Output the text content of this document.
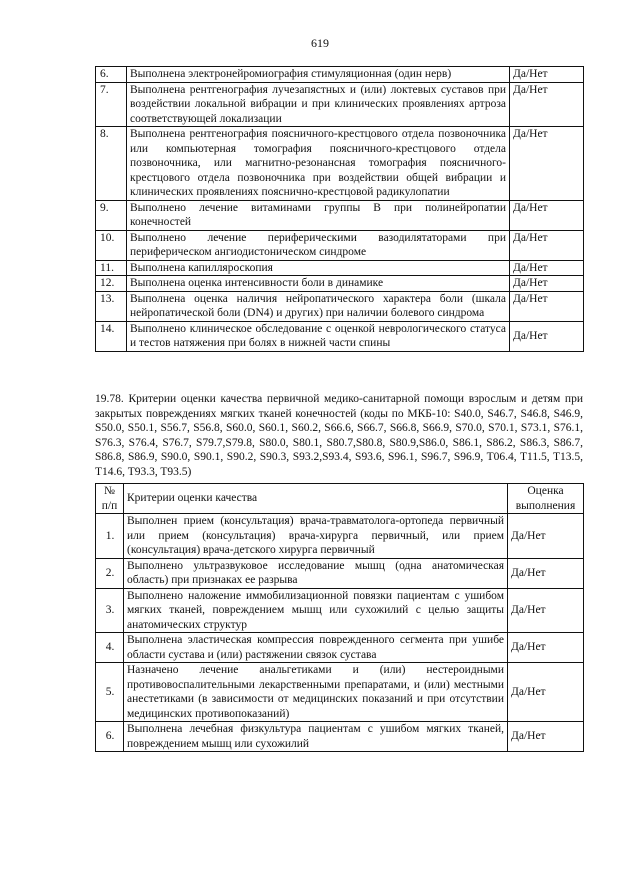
619
6.	Выполнена электронейромиография стимуляционная (один нерв)	Да/Нет
7.	Выполнена рентгенография лучезапястных и (или) локтевых суставов при воздействии локальной вибрации и при клинических проявлениях артроза соответствующей локализации	Да/Нет
8.	Выполнена рентгенография поясничного-крестцового отдела позвоночника или компьютерная томография поясничного-крестцового отдела позвоночника, или магнитно-резонансная томография поясничного-крестцового отдела позвоночника при воздействии общей вибрации и клинических проявлениях пояснично-крестцовой радикулопатии	Да/Нет
9.	Выполнено лечение витаминами группы В при полинейропатии конечностей	Да/Нет
10.	Выполнено лечение периферическими вазодилятаторами при периферическом ангиодистоническом синдроме	Да/Нет
11.	Выполнена капилляроскопия	Да/Нет
12.	Выполнена оценка интенсивности боли в динамике	Да/Нет
13.	Выполнена оценка наличия нейропатического характера боли (шкала нейропатической боли (DN4) и других) при наличии болевого синдрома	Да/Нет
14.	Выполнено клиническое обследование с оценкой неврологического статуса и тестов натяжения при болях в нижней части спины	Да/Нет
19.78. Критерии оценки качества первичной медико-санитарной помощи взрослым и детям при закрытых повреждениях мягких тканей конечностей (коды по МКБ-10: S40.0, S46.7, S46.8, S46.9, S50.0, S50.1, S56.7, S56.8, S60.0, S60.1, S60.2, S66.6, S66.7, S66.8, S66.9, S70.0, S70.1, S73.1, S76.1, S76.3, S76.4, S76.7, S79.7,S79.8, S80.0, S80.1, S80.7,S80.8, S80.9,S86.0, S86.1, S86.2, S86.3, S86.7, S86.8, S86.9, S90.0, S90.1, S90.2, S90.3, S93.2,S93.4, S93.6, S96.1, S96.7, S96.9, T06.4, T11.5, T13.5, T14.6, T93.3, T93.5)
№ п/п	Критерии оценки качества	Оценка выполнения
1.	Выполнен прием (консультация) врача-травматолога-ортопеда первичный или прием (консультация) врача-хирурга первичный, или прием (консультация) врача-детского хирурга первичный	Да/Нет
2.	Выполнено ультразвуковое исследование мышц (одна анатомическая область) при признаках ее разрыва	Да/Нет
3.	Выполнено наложение иммобилизационной повязки пациентам с ушибом мягких тканей, повреждением мышц или сухожилий с целью защиты анатомических структур	Да/Нет
4.	Выполнена эластическая компрессия поврежденного сегмента при ушибе области сустава и (или) растяжении связок сустава	Да/Нет
5.	Назначено лечение анальгетиками и (или) нестероидными противовоспалительными лекарственными препаратами, и (или) местными анестетиками (в зависимости от медицинских показаний и при отсутствии медицинских противопоказаний)	Да/Нет
6.	Выполнена лечебная физкультура пациентам с ушибом мягких тканей, повреждением мышц или сухожилий	Да/Нет
